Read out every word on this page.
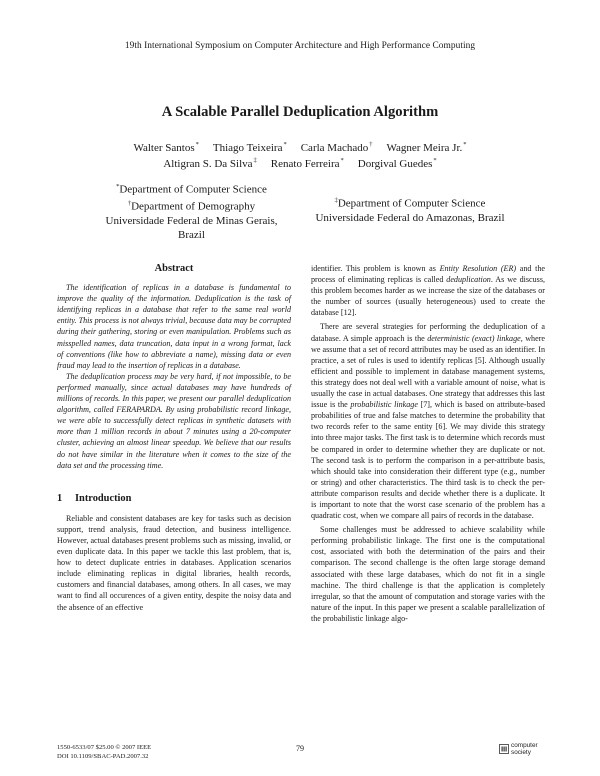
19th International Symposium on Computer Architecture and High Performance Computing
A Scalable Parallel Deduplication Algorithm
Walter Santos* Thiago Teixeira* Carla Machado† Wagner Meira Jr.*
Altigran S. Da Silva‡ Renato Ferreira* Dorgival Guedes*
*Department of Computer Science
†Department of Demography
Universidade Federal de Minas Gerais,
Brazil
‡Department of Computer Science
Universidade Federal do Amazonas, Brazil
Abstract

The identification of replicas in a database is fundamental to improve the quality of the information. Deduplication is the task of identifying replicas in a database that refer to the same real world entity. This process is not always trivial, because data may be corrupted during their gathering, storing or even manipulation. Problems such as misspelled names, data truncation, data input in a wrong format, lack of conventions (like how to abbreviate a name), missing data or even fraud may lead to the insertion of replicas in a database.

The deduplication process may be very hard, if not impossible, to be performed manually, since actual databases may have hundreds of millions of records. In this paper, we present our parallel deduplication algorithm, called FERAPARDA. By using probabilistic record linkage, we were able to successfully detect replicas in synthetic datasets with more than 1 million records in about 7 minutes using a 20-computer cluster, achieving an almost linear speedup. We believe that our results do not have similar in the literature when it comes to the size of the data set and the processing time.

1 Introduction

Reliable and consistent databases are key for tasks such as decision support, trend analysis, fraud detection, and business intelligence. However, actual databases present problems such as missing, invalid, or even duplicate data. In this paper we tackle this last problem, that is, how to detect duplicate entries in databases. Application scenarios include eliminating replicas in digital libraries, health records, customers and financial databases, among others. In all cases, we may want to find all occurences of a given entity, despite the noisy data and the absence of an effective

identifier. This problem is known as Entity Resolution (ER) and the process of eliminating replicas is called deduplication. As we discuss, this problem becomes harder as we increase the size of the databases or the number of sources (usually heterogeneous) used to create the database [12].

There are several strategies for performing the deduplication of a database. A simple approach is the deterministic (exact) linkage, where we assume that a set of record attributes may be used as an identifier. In practice, a set of rules is used to identify replicas [5]. Although usually efficient and possible to implement in database management systems, this strategy does not deal well with a variable amount of noise, what is usually the case in actual databases. One strategy that addresses this last issue is the probabilistic linkage [7], which is based on attribute-based probabilities of true and false matches to determine the probability that two records refer to the same entity [6]. We may divide this strategy into three major tasks. The first task is to determine which records must be compared in order to determine whether they are duplicate or not. The second task is to perform the comparison in a per-attribute basis, which should take into consideration their different type (e.g., number or string) and other characteristics. The third task is to check the per-attribute comparison results and decide whether there is a duplicate. It is important to note that the worst case scenario of the problem has a quadratic cost, when we compare all pairs of records in the database.

Some challenges must be addressed to achieve scalability while performing probabilistic linkage. The first one is the computational cost, associated with both the determination of the pairs and their comparison. The second challenge is the often large storage demand associated with these large databases, which do not fit in a single machine. The third challenge is that the application is completely irregular, so that the amount of computation and storage varies with the nature of the input. In this paper we present a scalable parallelization of the probabilistic linkage algo-

1550-6533/07 $25.00 © 2007 IEEE
DOI 10.1109/SBAC-PAD.2007.32
79	computer
society
